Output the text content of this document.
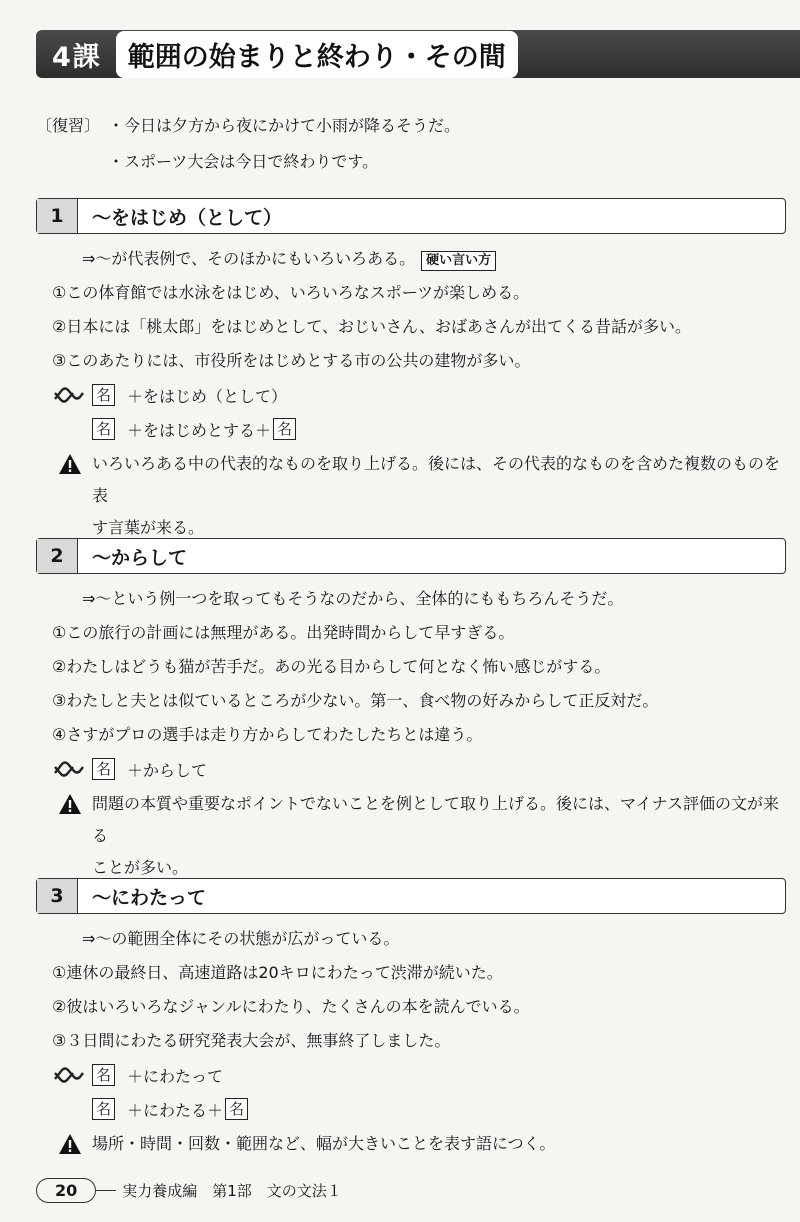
4課 範囲の始まりと終わり・その間
〔復習〕 ・今日は夕方から夜にかけて小雨が降るそうだ。
・スポーツ大会は今日で終わりです。
1	～をはじめ（として）
⇒～が代表例で、そのほかにもいろいろある。 硬い言い方
①この体育館では水泳をはじめ、いろいろなスポーツが楽しめる。
②日本には「桃太郎」をはじめとして、おじいさん、おばあさんが出てくる昔話が多い。
③このあたりには、市役所をはじめとする市の公共の建物が多い。
名 ＋をはじめ（として）
名 ＋をはじめとする＋ 名
いろいろある中の代表的なものを取り上げる。後には、その代表的なものを含めた複数のものを表
す言葉が来る。
2	～からして
⇒～という例一つを取ってもそうなのだから、全体的にももちろんそうだ。
①この旅行の計画には無理がある。出発時間からして早すぎる。
②わたしはどうも猫が苦手だ。あの光る目からして何となく怖い感じがする。
③わたしと夫とは似ているところが少ない。第一、食べ物の好みからして正反対だ。
④さすがプロの選手は走り方からしてわたしたちとは違う。
名 ＋からして
問題の本質や重要なポイントでないことを例として取り上げる。後には、マイナス評価の文が来る
ことが多い。
3	～にわたって
⇒～の範囲全体にその状態が広がっている。
①連休の最終日、高速道路は20キロにわたって渋滞が続いた。
②彼はいろいろなジャンルにわたり、たくさんの本を読んでいる。
③３日間にわたる研究発表大会が、無事終了しました。
名 ＋にわたって
名 ＋にわたる＋ 名
場所・時間・回数・範囲など、幅が大きいことを表す語につく。
20	実力養成編　第1部　文の文法１
